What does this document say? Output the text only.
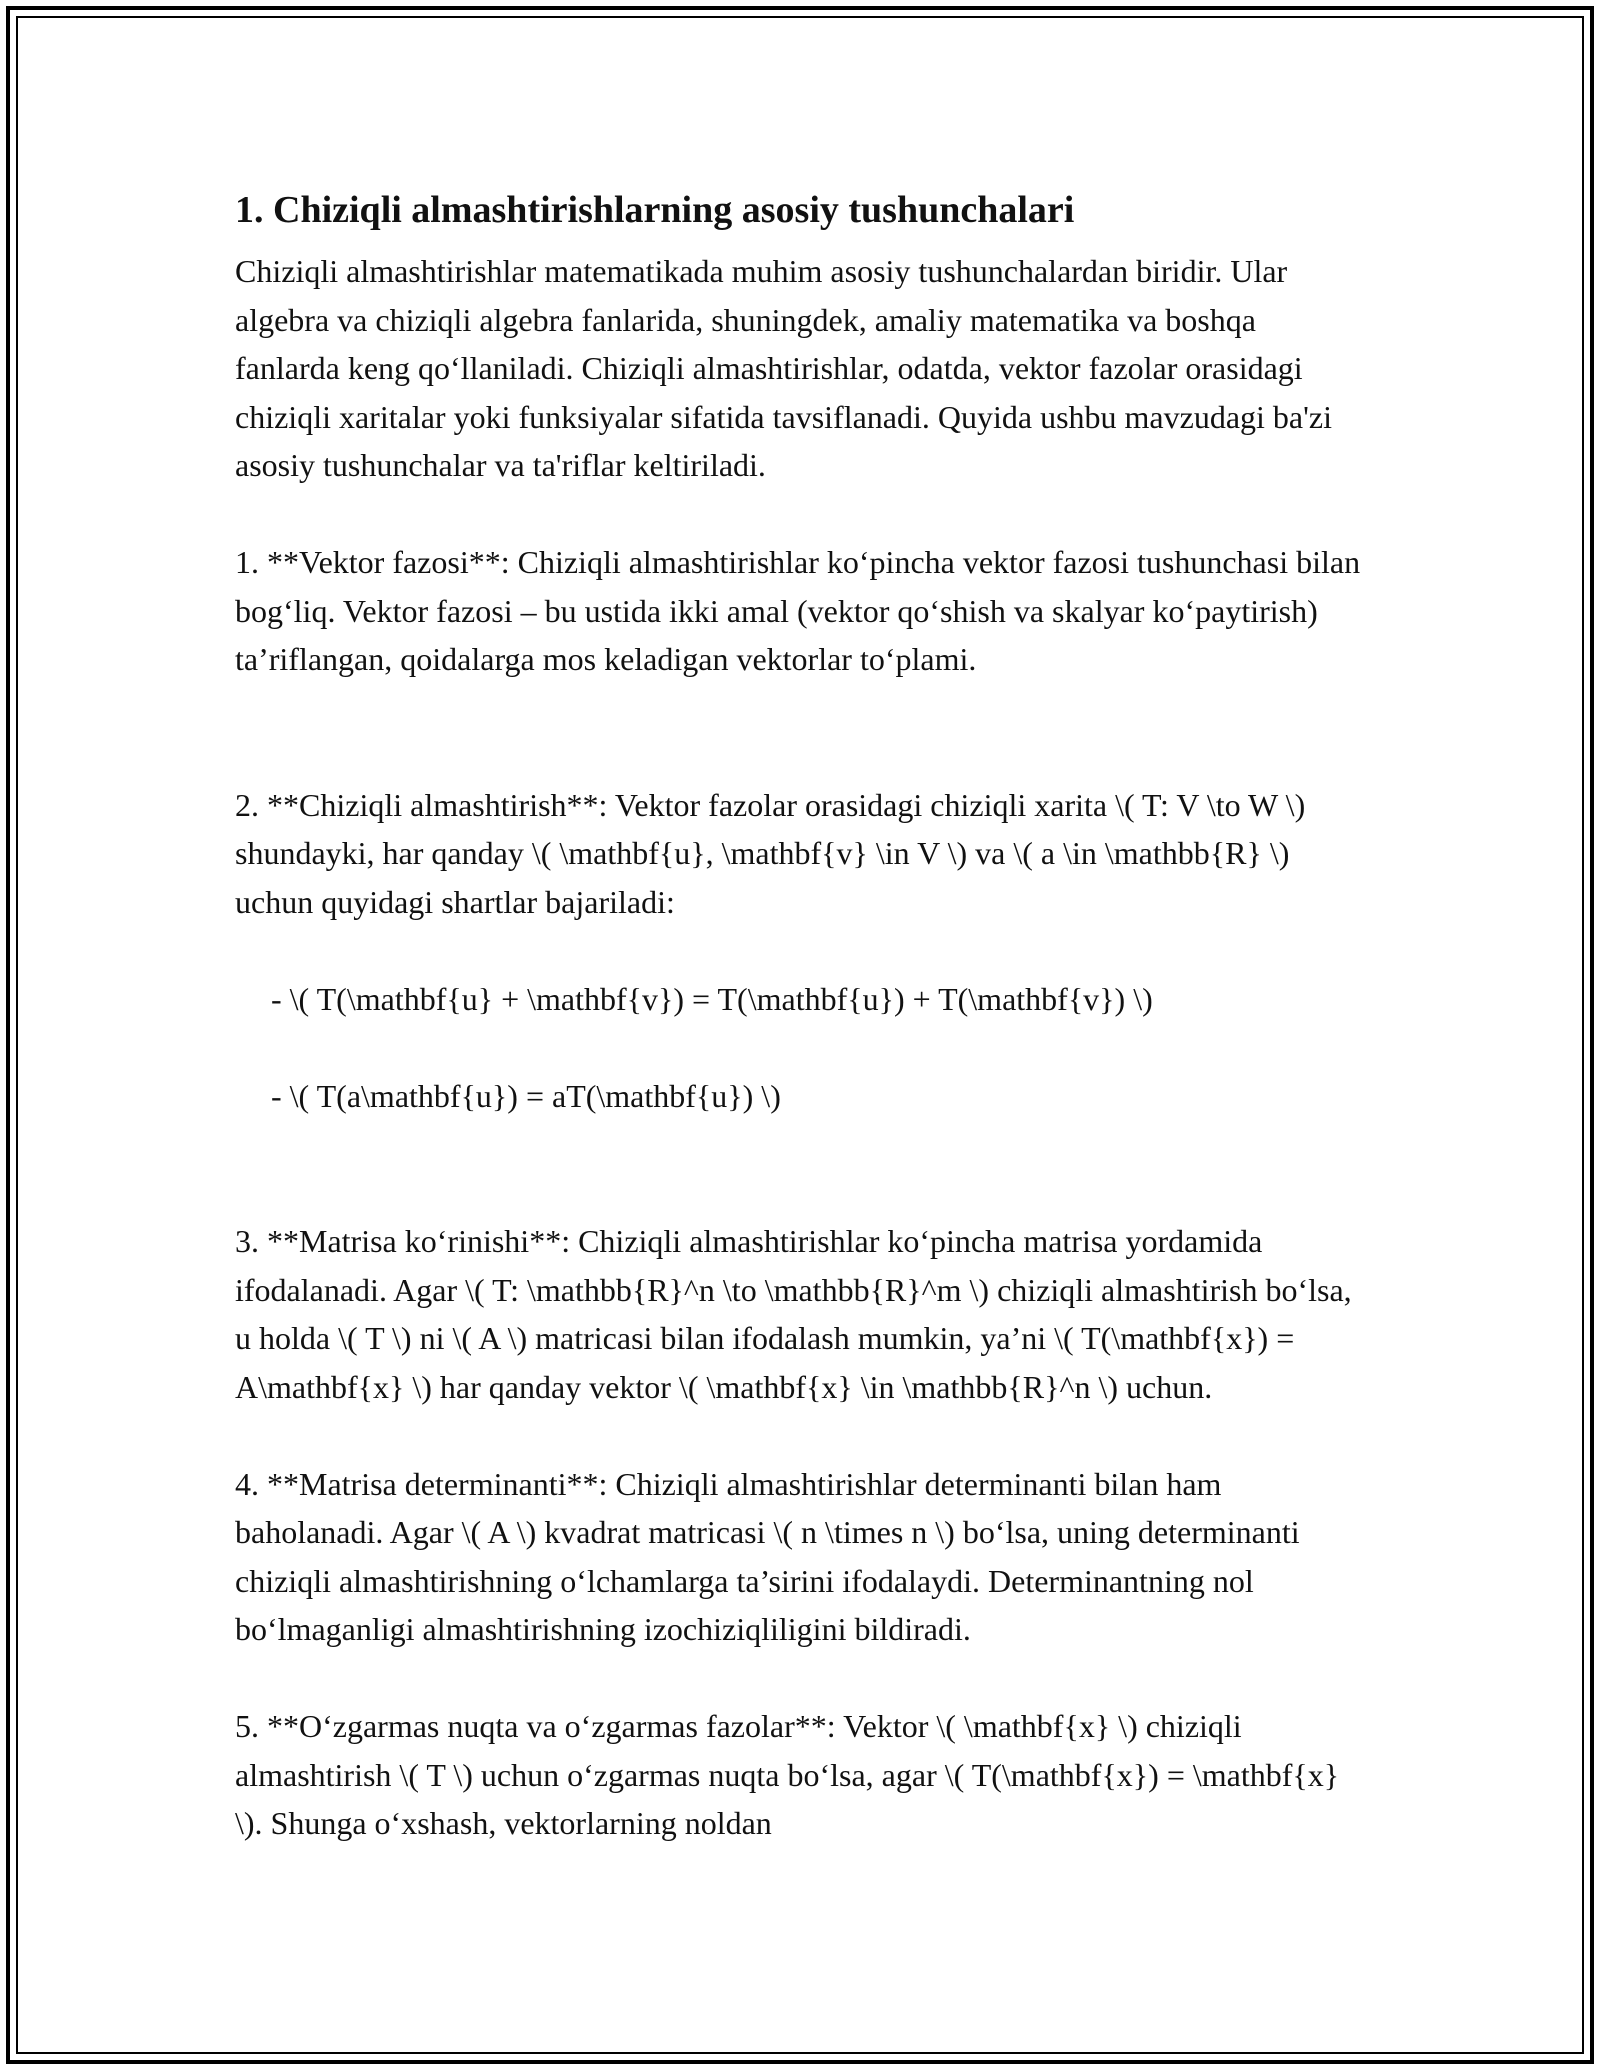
1. Chiziqli almashtirishlarning asosiy tushunchalari

Chiziqli almashtirishlar matematikada muhim asosiy tushunchalardan biridir. Ular algebra va chiziqli algebra fanlarida, shuningdek, amaliy matematika va boshqa fanlarda keng qo‘llaniladi. Chiziqli almashtirishlar, odatda, vektor fazolar orasidagi chiziqli xaritalar yoki funksiyalar sifatida tavsiflanadi. Quyida ushbu mavzudagi ba'zi asosiy tushunchalar va ta'riflar keltiriladi.

1. **Vektor fazosi**: Chiziqli almashtirishlar ko‘pincha vektor fazosi tushunchasi bilan bog‘liq. Vektor fazosi – bu ustida ikki amal (vektor qo‘shish va skalyar ko‘paytirish) ta’riflangan, qoidalarga mos keladigan vektorlar to‘plami.

2. **Chiziqli almashtirish**: Vektor fazolar orasidagi chiziqli xarita \( T: V \to W \) shundayki, har qanday \( \mathbf{u}, \mathbf{v} \in V \) va \( a \in \mathbb{R} \) uchun quyidagi shartlar bajariladi:

- \( T(\mathbf{u} + \mathbf{v}) = T(\mathbf{u}) + T(\mathbf{v}) \)

- \( T(a\mathbf{u}) = aT(\mathbf{u}) \)

3. **Matrisa ko‘rinishi**: Chiziqli almashtirishlar ko‘pincha matrisa yordamida ifodalanadi. Agar \( T: \mathbb{R}^n \to \mathbb{R}^m \) chiziqli almashtirish bo‘lsa, u holda \( T \) ni \( A \) matricasi bilan ifodalash mumkin, ya’ni \( T(\mathbf{x}) = A\mathbf{x} \) har qanday vektor \( \mathbf{x} \in \mathbb{R}^n \) uchun.

4. **Matrisa determinanti**: Chiziqli almashtirishlar determinanti bilan ham baholanadi. Agar \( A \) kvadrat matricasi \( n \times n \) bo‘lsa, uning determinanti chiziqli almashtirishning o‘lchamlarga ta’sirini ifodalaydi. Determinantning nol bo‘lmaganligi almashtirishning izochiziqliligini bildiradi.

5. **O‘zgarmas nuqta va o‘zgarmas fazolar**: Vektor \( \mathbf{x} \) chiziqli almashtirish \( T \) uchun o‘zgarmas nuqta bo‘lsa, agar \( T(\mathbf{x}) = \mathbf{x} \). Shunga o‘xshash, vektorlarning noldan
